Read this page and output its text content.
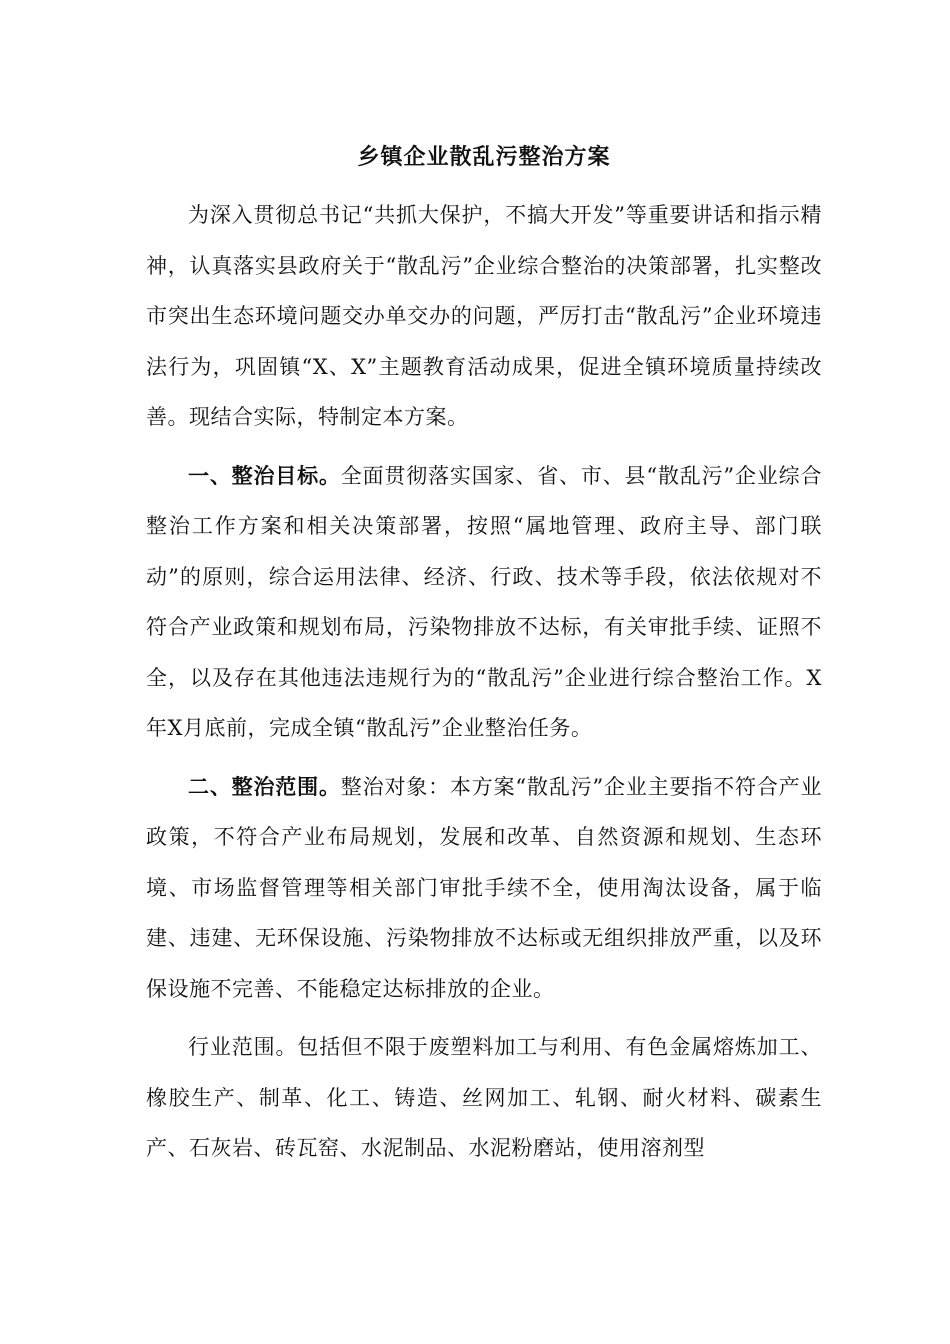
乡镇企业散乱污整治方案

为深入贯彻总书记“共抓大保护，不搞大开发”等重要讲话和指示精神，认真落实县政府关于“散乱污”企业综合整治的决策部署，扎实整改市突出生态环境问题交办单交办的问题，严厉打击“散乱污”企业环境违法行为，巩固镇“X、X”主题教育活动成果，促进全镇环境质量持续改善。现结合实际，特制定本方案。

一、整治目标。全面贯彻落实国家、省、市、县“散乱污”企业综合整治工作方案和相关决策部署，按照“属地管理、政府主导、部门联动”的原则，综合运用法律、经济、行政、技术等手段，依法依规对不符合产业政策和规划布局，污染物排放不达标，有关审批手续、证照不全，以及存在其他违法违规行为的“散乱污”企业进行综合整治工作。X年X月底前，完成全镇“散乱污”企业整治任务。

二、整治范围。整治对象：本方案“散乱污”企业主要指不符合产业政策，不符合产业布局规划，发展和改革、自然资源和规划、生态环境、市场监督管理等相关部门审批手续不全，使用淘汰设备，属于临建、违建、无环保设施、污染物排放不达标或无组织排放严重，以及环保设施不完善、不能稳定达标排放的企业。

行业范围。包括但不限于废塑料加工与利用、有色金属熔炼加工、橡胶生产、制革、化工、铸造、丝网加工、轧钢、耐火材料、碳素生产、石灰岩、砖瓦窑、水泥制品、水泥粉磨站，使用溶剂型
